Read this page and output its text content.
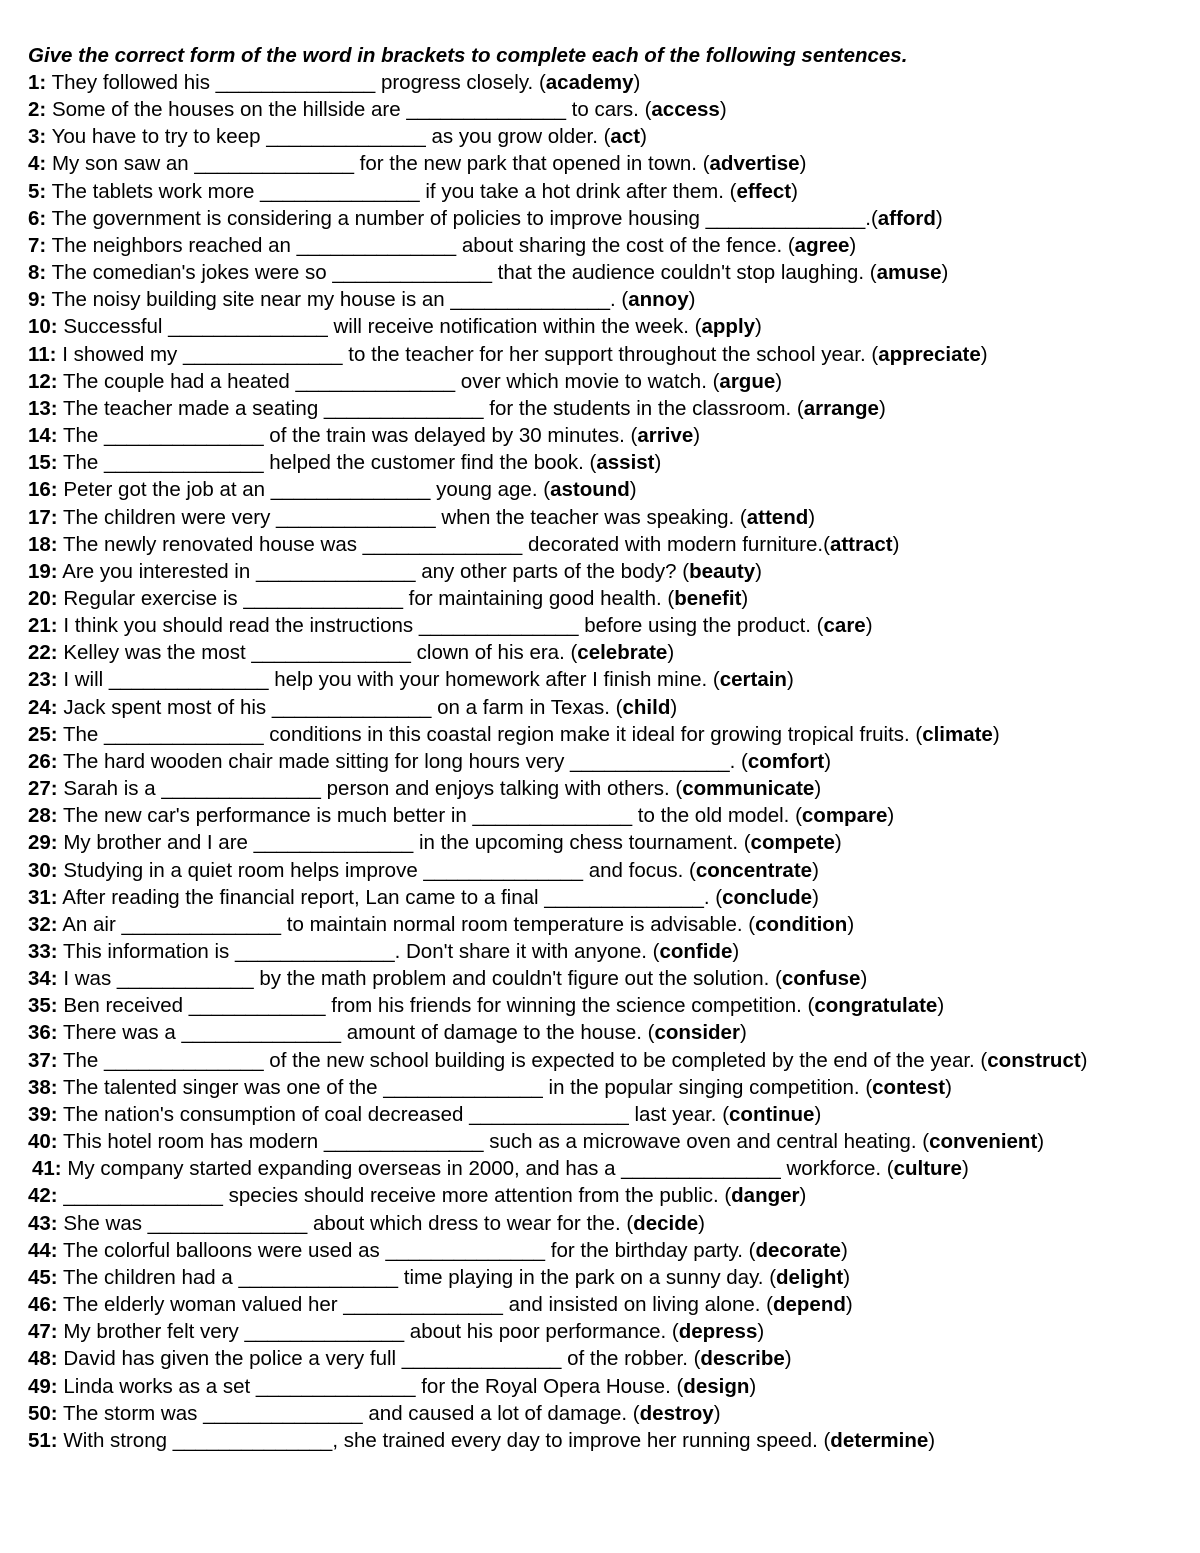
Give the correct form of the word in brackets to complete each of the following sentences.
1: They followed his ______________ progress closely. (academy)
2: Some of the houses on the hillside are ______________ to cars. (access)
3: You have to try to keep ______________ as you grow older. (act)
4: My son saw an ______________ for the new park that opened in town. (advertise)
5: The tablets work more ______________ if you take a hot drink after them. (effect)
6: The government is considering a number of policies to improve housing ______________.(afford)
7: The neighbors reached an ______________ about sharing the cost of the fence. (agree)
8: The comedian's jokes were so ______________ that the audience couldn't stop laughing. (amuse)
9: The noisy building site near my house is an ______________. (annoy)
10: Successful ______________ will receive notification within the week. (apply)
11: I showed my ______________ to the teacher for her support throughout the school year. (appreciate)
12: The couple had a heated ______________ over which movie to watch. (argue)
13: The teacher made a seating ______________ for the students in the classroom. (arrange)
14: The ______________ of the train was delayed by 30 minutes. (arrive)
15: The ______________ helped the customer find the book. (assist)
16: Peter got the job at an ______________ young age. (astound)
17: The children were very ______________ when the teacher was speaking. (attend)
18: The newly renovated house was ______________ decorated with modern furniture.(attract)
19: Are you interested in ______________ any other parts of the body? (beauty)
20: Regular exercise is ______________ for maintaining good health. (benefit)
21: I think you should read the instructions ______________ before using the product. (care)
22: Kelley was the most ______________ clown of his era. (celebrate)
23: I will ______________ help you with your homework after I finish mine. (certain)
24: Jack spent most of his ______________ on a farm in Texas. (child)
25: The ______________ conditions in this coastal region make it ideal for growing tropical fruits. (climate)
26: The hard wooden chair made sitting for long hours very ______________. (comfort)
27: Sarah is a ______________ person and enjoys talking with others. (communicate)
28: The new car's performance is much better in ______________ to the old model. (compare)
29: My brother and I are ______________ in the upcoming chess tournament. (compete)
30: Studying in a quiet room helps improve ______________ and focus. (concentrate)
31: After reading the financial report, Lan came to a final ______________. (conclude)
32: An air ______________ to maintain normal room temperature is advisable. (condition)
33: This information is ______________. Don't share it with anyone. (confide)
34: I was ____________ by the math problem and couldn't figure out the solution. (confuse)
35: Ben received ____________ from his friends for winning the science competition. (congratulate)
36: There was a ______________ amount of damage to the house. (consider)
37: The ______________ of the new school building is expected to be completed by the end of the year. (construct)
38: The talented singer was one of the ______________ in the popular singing competition. (contest)
39: The nation's consumption of coal decreased ______________ last year. (continue)
40: This hotel room has modern ______________ such as a microwave oven and central heating. (convenient)
41: My company started expanding overseas in 2000, and has a ______________ workforce. (culture)
42: ______________ species should receive more attention from the public. (danger)
43: She was ______________ about which dress to wear for the. (decide)
44: The colorful balloons were used as ______________ for the birthday party. (decorate)
45: The children had a ______________ time playing in the park on a sunny day. (delight)
46: The elderly woman valued her ______________ and insisted on living alone. (depend)
47: My brother felt very ______________ about his poor performance. (depress)
48: David has given the police a very full ______________ of the robber. (describe)
49: Linda works as a set ______________ for the Royal Opera House. (design)
50: The storm was ______________ and caused a lot of damage. (destroy)
51: With strong ______________, she trained every day to improve her running speed. (determine)
